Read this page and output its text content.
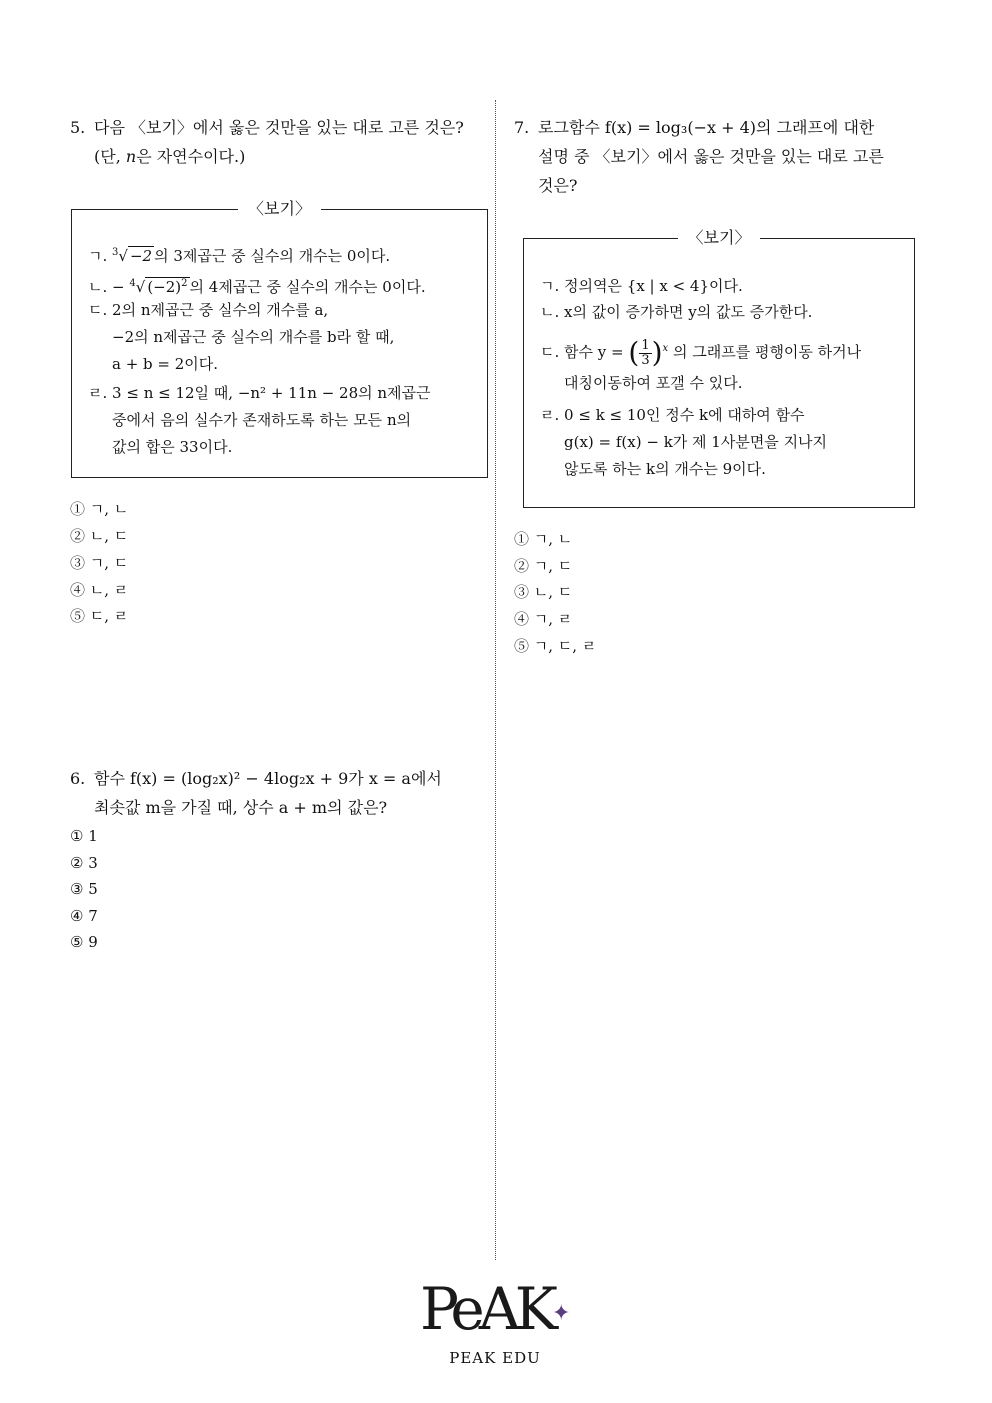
5. 다음 〈보기〉에서 옳은 것만을 있는 대로 고른 것은?
(단, n은 자연수이다.)
〈보기〉
ㄱ. $^3$√ −2 의 3제곱근 중 실수의 개수는 0이다.
ㄴ. − $^4$√ $(-2)^2$ 의 4제곱근 중 실수의 개수는 0이다.
ㄷ. 2의 n제곱근 중 실수의 개수를 a,
−2의 n제곱근 중 실수의 개수를 b라 할 때,
a + b = 2이다.
ㄹ. 3 ≤ n ≤ 12일 때, −n² + 11n − 28의 n제곱근
중에서 음의 실수가 존재하도록 하는 모든 n의
값의 합은 33이다.
① ㄱ, ㄴ
② ㄴ, ㄷ
③ ㄱ, ㄷ
④ ㄴ, ㄹ
⑤ ㄷ, ㄹ
6. 함수 f(x) = (log₂x)² − 4log₂x + 9가 x = a에서
최솟값 m을 가질 때, 상수 a + m의 값은?
① 1
② 3
③ 5
④ 7
⑤ 9
7. 로그함수 f(x) = log₃(−x + 4)의 그래프에 대한
설명 중 〈보기〉에서 옳은 것만을 있는 대로 고른
것은?
〈보기〉
ㄱ. 정의역은 {x | x < 4}이다.
ㄴ. x의 값이 증가하면 y의 값도 증가한다.
ㄷ. 함수 y = ( $\frac{1}{3} )^x$ 의 그래프를 평행이동 하거나
대칭이동하여 포갤 수 있다.
ㄹ. 0 ≤ k ≤ 10인 정수 k에 대하여 함수
g(x) = f(x) − k가 제 1사분면을 지나지
않도록 하는 k의 개수는 9이다.
① ㄱ, ㄴ
② ㄱ, ㄷ
③ ㄴ, ㄷ
④ ㄱ, ㄹ
⑤ ㄱ, ㄷ, ㄹ
PeAK✦
PEAK EDU
